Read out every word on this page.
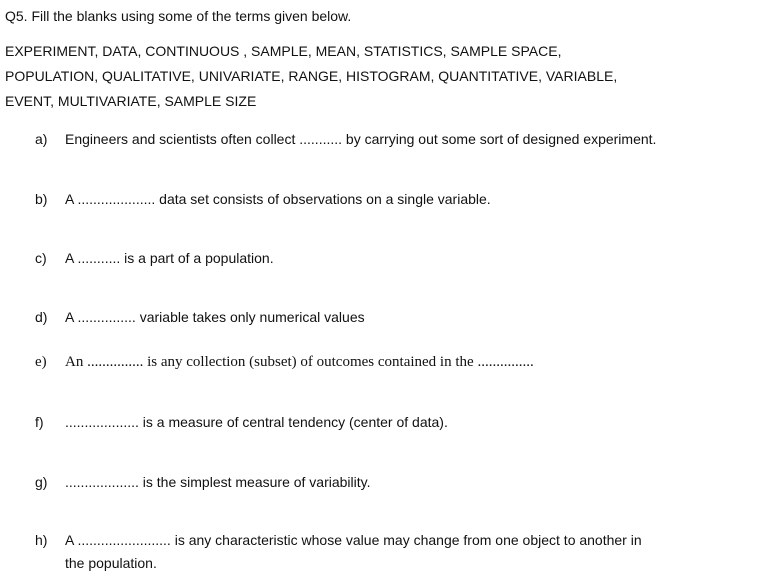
Q5. Fill the blanks using some of the terms given below.
EXPERIMENT, DATA, CONTINUOUS , SAMPLE, MEAN, STATISTICS, SAMPLE SPACE,
POPULATION, QUALITATIVE, UNIVARIATE, RANGE, HISTOGRAM, QUANTITATIVE, VARIABLE,
EVENT, MULTIVARIATE, SAMPLE SIZE
a) Engineers and scientists often collect ........... by carrying out some sort of designed experiment.
b) A .................... data set consists of observations on a single variable.
c) A ........... is a part of a population.
d) A ............... variable takes only numerical values
e) An ............... is any collection (subset) of outcomes contained in the ...............
f) ................... is a measure of central tendency (center of data).
g) ................... is the simplest measure of variability.
h) A ........................ is any characteristic whose value may change from one object to another in
the population.
